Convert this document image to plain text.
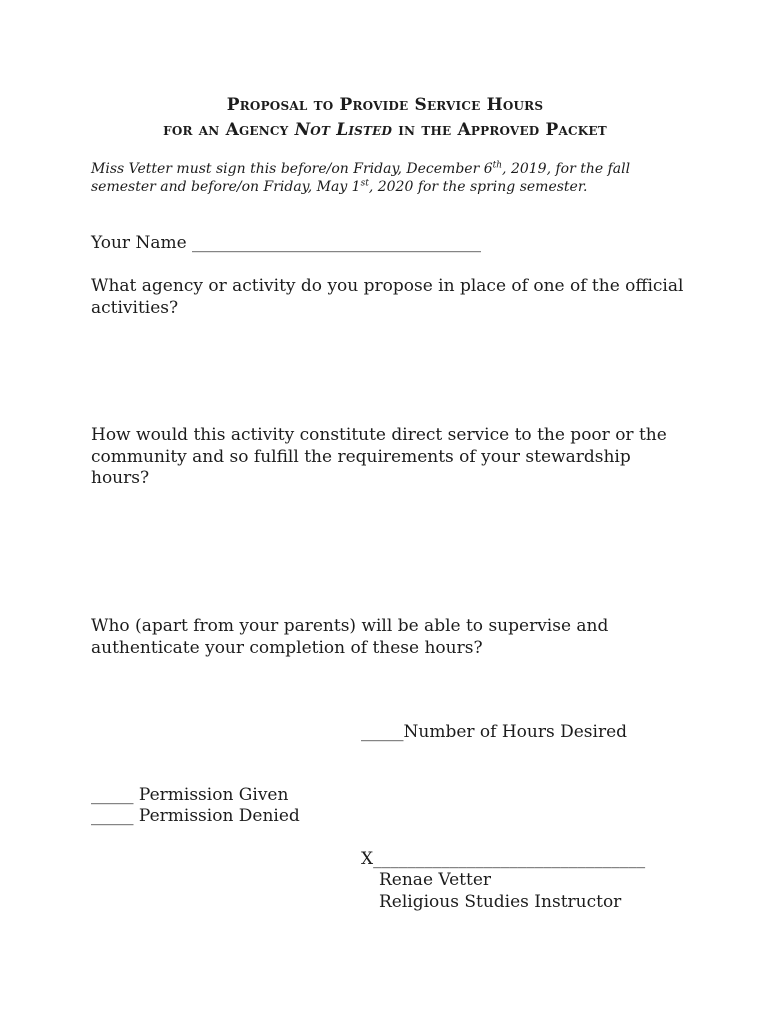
Proposal to Provide Service Hours
for an Agency Not Listed in the Approved Packet
Miss Vetter must sign this before/on Friday, December 6th, 2019, for the fall semester and before/on Friday, May 1st, 2020 for the spring semester.
Your Name __________________________________
What agency or activity do you propose in place of one of the official activities?
How would this activity constitute direct service to the poor or the community and so fulfill the requirements of your stewardship hours?
Who (apart from your parents) will be able to supervise and authenticate your completion of these hours?
_____Number of Hours Desired
_____ Permission Given
_____ Permission Denied
X________________________________
Renae Vetter
Religious Studies Instructor
